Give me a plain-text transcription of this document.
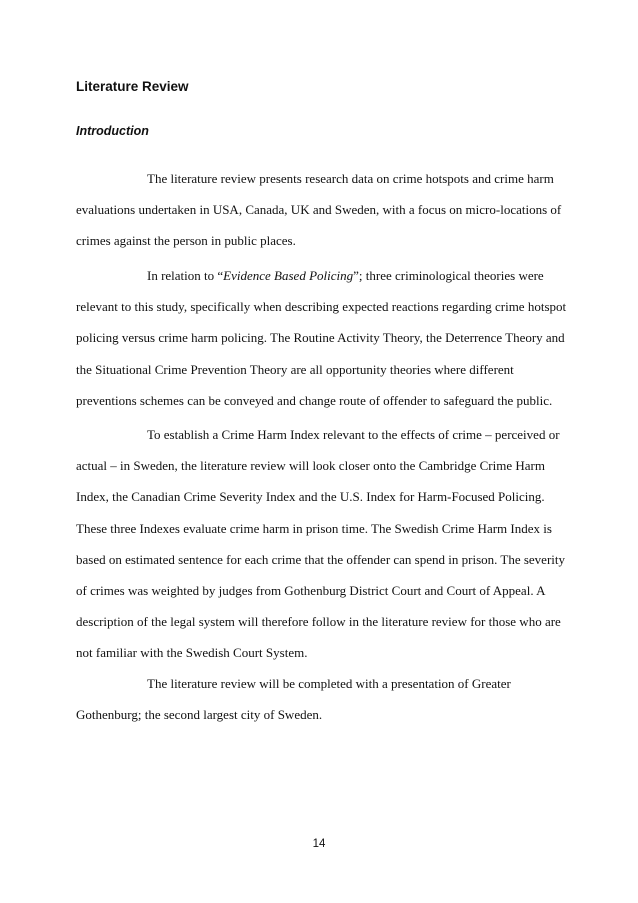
Literature Review
Introduction

The literature review presents research data on crime hotspots and crime harm evaluations undertaken in USA, Canada, UK and Sweden, with a focus on micro-locations of crimes against the person in public places.

In relation to “Evidence Based Policing”; three criminological theories were relevant to this study, specifically when describing expected reactions regarding crime hotspot policing versus crime harm policing. The Routine Activity Theory, the Deterrence Theory and the Situational Crime Prevention Theory are all opportunity theories where different preventions schemes can be conveyed and change route of offender to safeguard the public.

To establish a Crime Harm Index relevant to the effects of crime – perceived or actual – in Sweden, the literature review will look closer onto the Cambridge Crime Harm Index, the Canadian Crime Severity Index and the U.S. Index for Harm-Focused Policing. These three Indexes evaluate crime harm in prison time. The Swedish Crime Harm Index is based on estimated sentence for each crime that the offender can spend in prison. The severity of crimes was weighted by judges from Gothenburg District Court and Court of Appeal. A description of the legal system will therefore follow in the literature review for those who are not familiar with the Swedish Court System.

The literature review will be completed with a presentation of Greater Gothenburg; the second largest city of Sweden.

14
